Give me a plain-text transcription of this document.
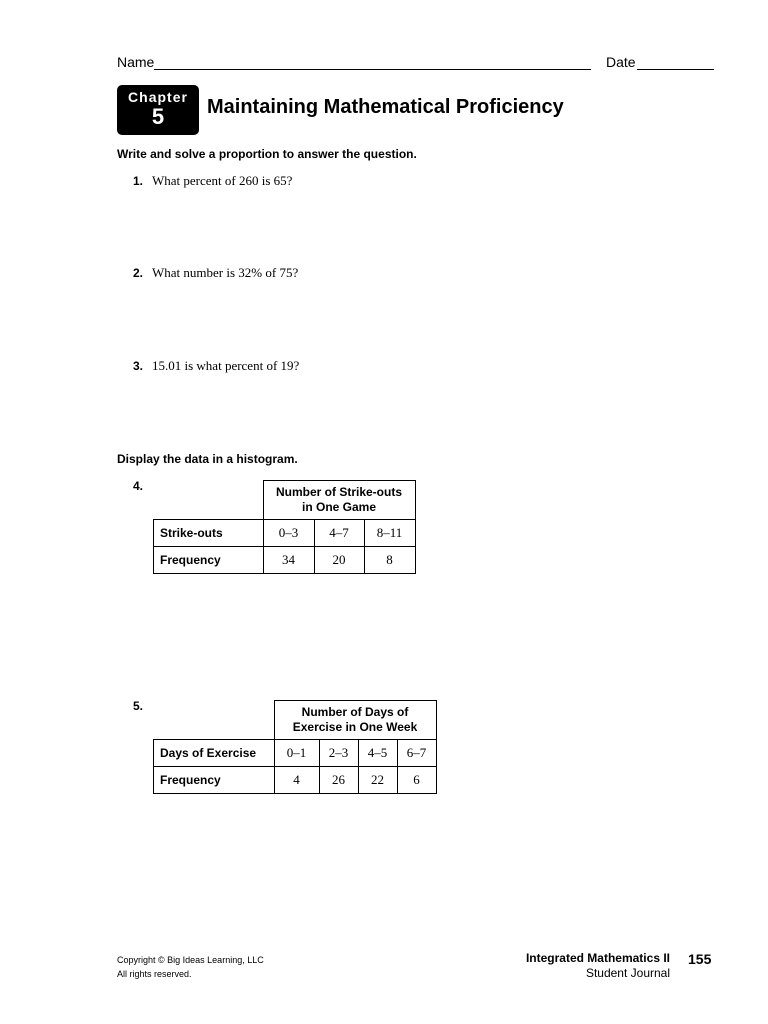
Name	Date
Chapter
5	Maintaining Mathematical Proficiency
Write and solve a proportion to answer the question.
1. What percent of 260 is 65?
2. What number is 32% of 75?
3. 15.01 is what percent of 19?
Display the data in a histogram.
4.
		Number of Strike-outs in One Game		
Strike-outs	0–3	4–7	8–11
Frequency	34	20	8
5.
		Number of Days of Exercise in One Week			
Days of Exercise	0–1	2–3	4–5	6–7
Frequency	4	26	22	6
Copyright © Big Ideas Learning, LLC
All rights reserved.
Integrated Mathematics II
Student Journal
155
